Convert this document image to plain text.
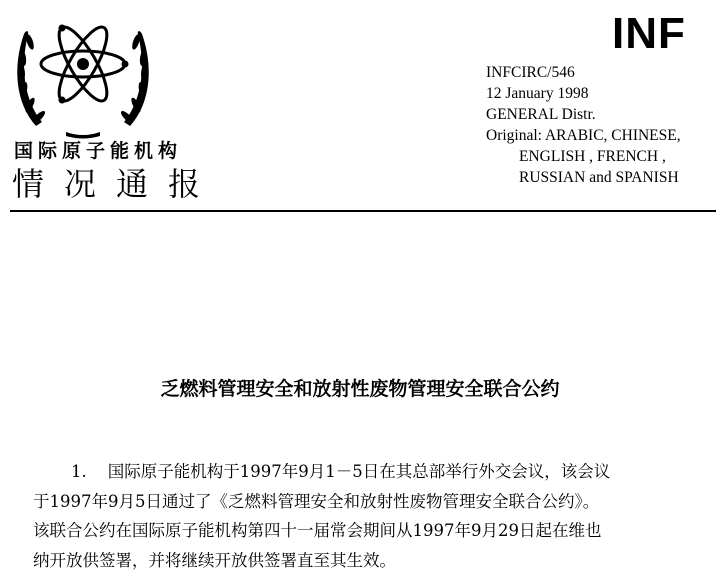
INF
INFCIRC/546
12 January 1998
GENERAL Distr.
Original: ARABIC, CHINESE,
ENGLISH , FRENCH ,
RUSSIAN and SPANISH
国际原子能机构
情况通报
乏燃料管理安全和放射性废物管理安全联合公约
1. 国际原子能机构于1997年9月1－5日在其总部举行外交会议，该会议
于1997年9月5日通过了《乏燃料管理安全和放射性废物管理安全联合公约》。
该联合公约在国际原子能机构第四十一届常会期间从1997年9月29日起在维也
纳开放供签署，并将继续开放供签署直至其生效。
